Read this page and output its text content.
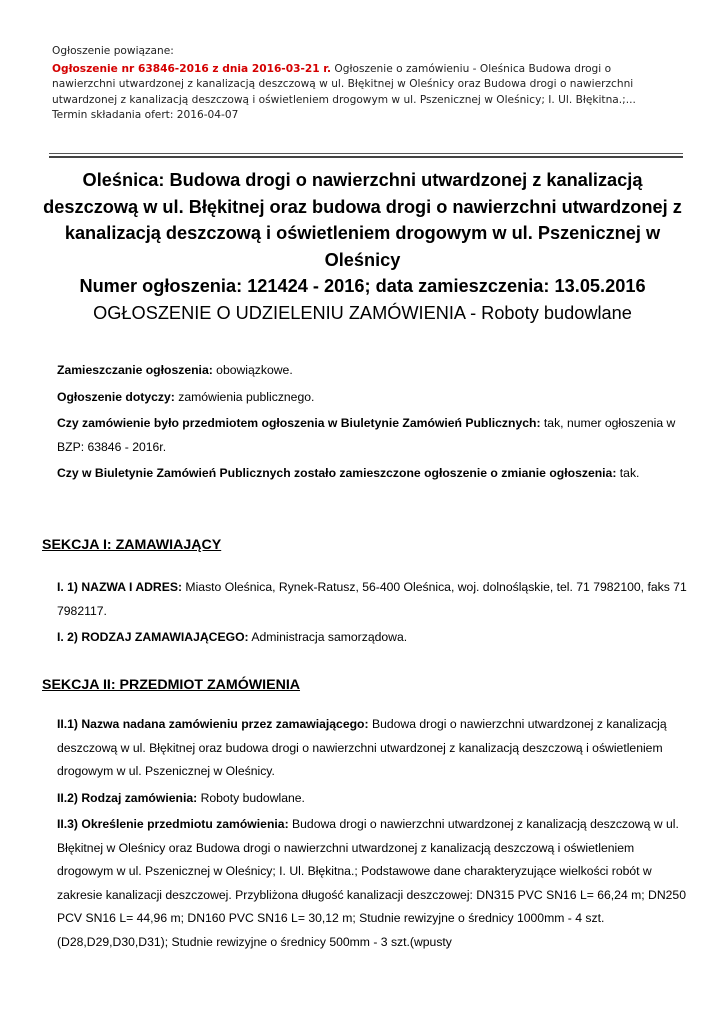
Ogłoszenie powiązane:

Ogłoszenie nr 63846-2016 z dnia 2016-03-21 r. Ogłoszenie o zamówieniu - Oleśnica Budowa drogi o nawierzchni utwardzonej z kanalizacją deszczową w ul. Błękitnej w Oleśnicy oraz Budowa drogi o nawierzchni utwardzonej z kanalizacją deszczową i oświetleniem drogowym w ul. Pszenicznej w Oleśnicy; I. Ul. Błękitna.;...

Termin składania ofert: 2016-04-07

Oleśnica: Budowa drogi o nawierzchni utwardzonej z kanalizacją deszczową w ul. Błękitnej oraz budowa drogi o nawierzchni utwardzonej z kanalizacją deszczową i oświetleniem drogowym w ul. Pszenicznej w Oleśnicy
Numer ogłoszenia: 121424 - 2016; data zamieszczenia: 13.05.2016
OGŁOSZENIE O UDZIELENIU ZAMÓWIENIA - Roboty budowlane

Zamieszczanie ogłoszenia: obowiązkowe.

Ogłoszenie dotyczy: zamówienia publicznego.

Czy zamówienie było przedmiotem ogłoszenia w Biuletynie Zamówień Publicznych: tak, numer ogłoszenia w BZP: 63846 - 2016r.

Czy w Biuletynie Zamówień Publicznych zostało zamieszczone ogłoszenie o zmianie ogłoszenia: tak.

SEKCJA I: ZAMAWIAJĄCY

I. 1) NAZWA I ADRES: Miasto Oleśnica, Rynek-Ratusz, 56-400 Oleśnica, woj. dolnośląskie, tel. 71 7982100, faks 71 7982117.

I. 2) RODZAJ ZAMAWIAJĄCEGO: Administracja samorządowa.

SEKCJA II: PRZEDMIOT ZAMÓWIENIA

II.1) Nazwa nadana zamówieniu przez zamawiającego: Budowa drogi o nawierzchni utwardzonej z kanalizacją deszczową w ul. Błękitnej oraz budowa drogi o nawierzchni utwardzonej z kanalizacją deszczową i oświetleniem drogowym w ul. Pszenicznej w Oleśnicy.

II.2) Rodzaj zamówienia: Roboty budowlane.

II.3) Określenie przedmiotu zamówienia: Budowa drogi o nawierzchni utwardzonej z kanalizacją deszczową w ul. Błękitnej w Oleśnicy oraz Budowa drogi o nawierzchni utwardzonej z kanalizacją deszczową i oświetleniem drogowym w ul. Pszenicznej w Oleśnicy; I. Ul. Błękitna.; Podstawowe dane charakteryzujące wielkości robót w zakresie kanalizacji deszczowej. Przybliżona długość kanalizacji deszczowej: DN315 PVC SN16 L= 66,24 m; DN250 PCV SN16 L= 44,96 m; DN160 PVC SN16 L= 30,12 m; Studnie rewizyjne o średnicy 1000mm - 4 szt.(D28,D29,D30,D31); Studnie rewizyjne o średnicy 500mm - 3 szt.(wpusty
